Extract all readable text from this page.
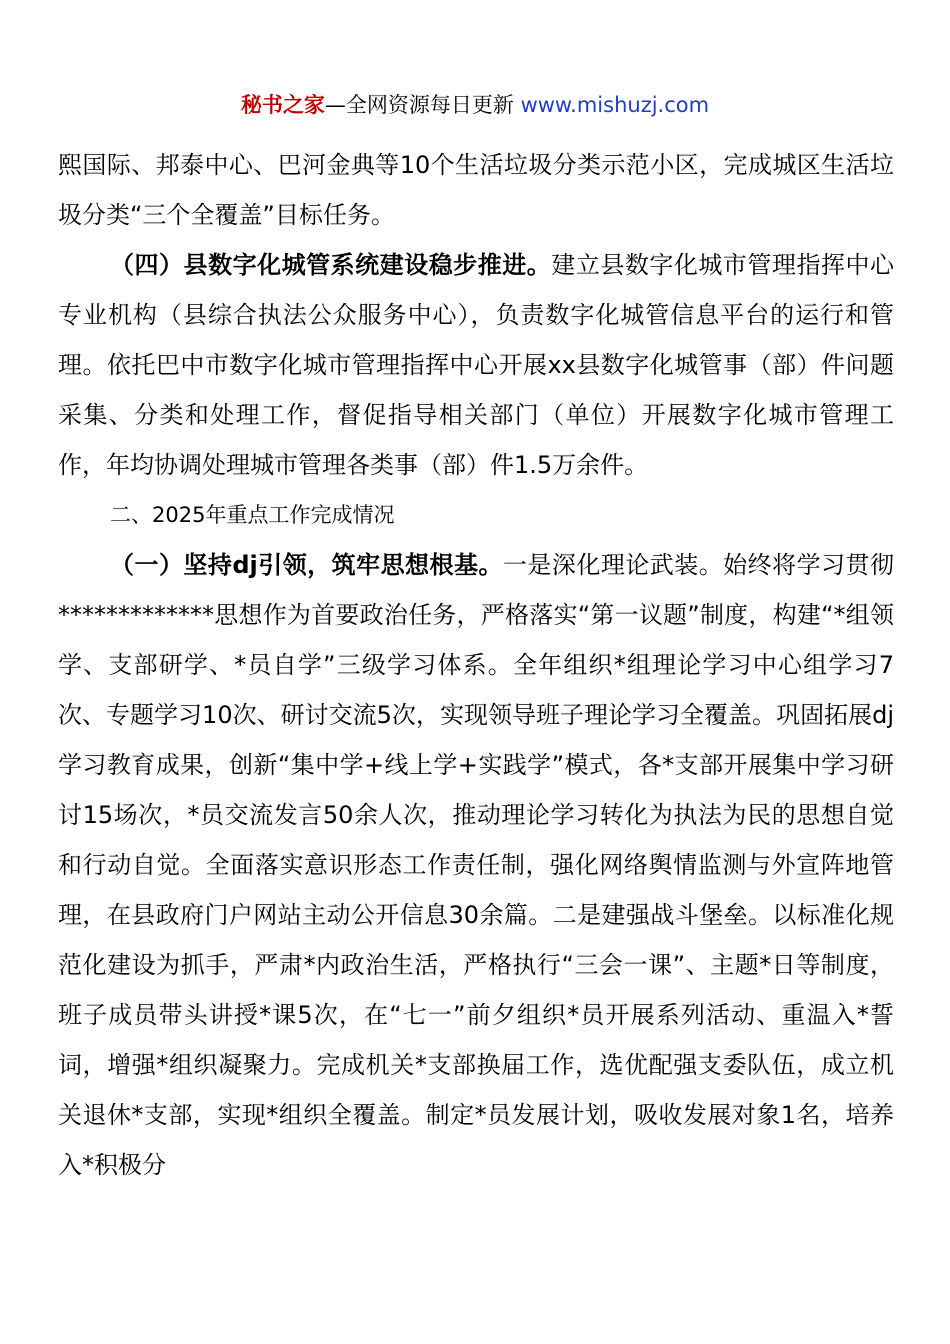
秘书之家—全网资源每日更新 www.mishuzj.com

熙国际、邦泰中心、巴河金典等10个生活垃圾分类示范小区，完成城区生活垃圾分类“三个全覆盖”目标任务。

（四）县数字化城管系统建设稳步推进。建立县数字化城市管理指挥中心专业机构（县综合执法公众服务中心），负责数字化城管信息平台的运行和管理。依托巴中市数字化城市管理指挥中心开展xx县数字化城管事（部）件问题采集、分类和处理工作，督促指导相关部门（单位）开展数字化城市管理工作，年均协调处理城市管理各类事（部）件1.5万余件。

二、2025年重点工作完成情况

（一）坚持dj引领，筑牢思想根基。一是深化理论武装。始终将学习贯彻*************思想作为首要政治任务，严格落实“第一议题”制度，构建“*组领学、支部研学、*员自学”三级学习体系。全年组织*组理论学习中心组学习7次、专题学习10次、研讨交流5次，实现领导班子理论学习全覆盖。巩固拓展dj学习教育成果，创新“集中学+线上学+实践学”模式，各*支部开展集中学习研讨15场次，*员交流发言50余人次，推动理论学习转化为执法为民的思想自觉和行动自觉。全面落实意识形态工作责任制，强化网络舆情监测与外宣阵地管理，在县政府门户网站主动公开信息30余篇。二是建强战斗堡垒。以标准化规范化建设为抓手，严肃*内政治生活，严格执行“三会一课”、主题*日等制度，班子成员带头讲授*课5次，在“七一”前夕组织*员开展系列活动、重温入*誓词，增强*组织凝聚力。完成机关*支部换届工作，选优配强支委队伍，成立机关退休*支部，实现*组织全覆盖。制定*员发展计划，吸收发展对象1名，培养入*积极分
